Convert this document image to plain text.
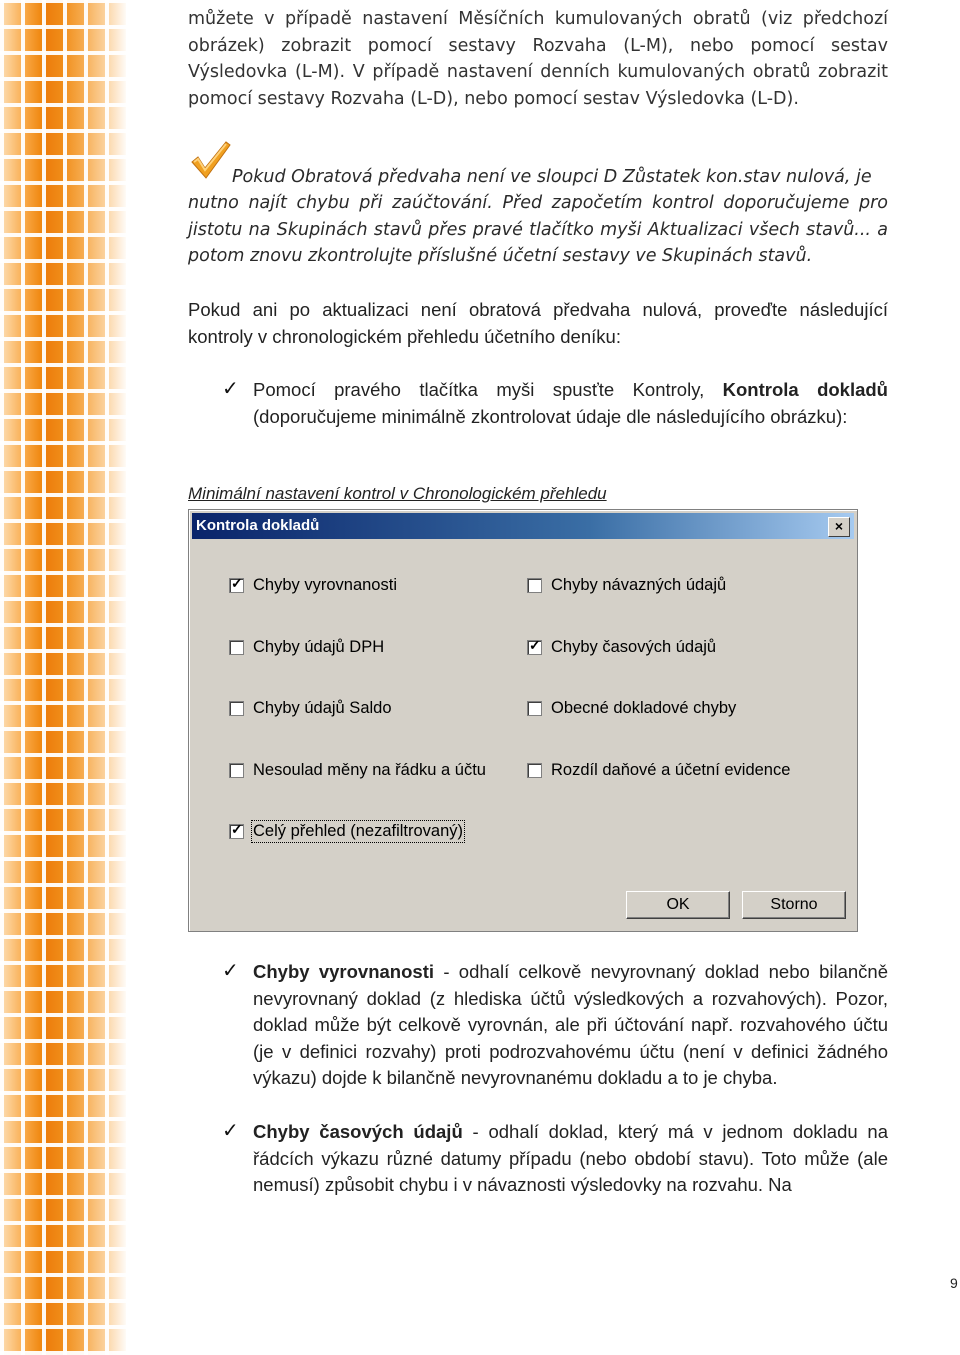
můžete v případě nastavení Měsíčních kumulovaných obratů (viz předchozí obrázek) zobrazit pomocí sestavy Rozvaha (L-M), nebo pomocí sestav Výsledovka (L-M). V případě nastavení denních kumulovaných obratů zobrazit pomocí sestavy Rozvaha (L-D), nebo pomocí sestav Výsledovka (L-D).
Pokud Obratová předvaha není ve sloupci D Zůstatek kon.stav nulová, je
nutno najít chybu při zaúčtování. Před započetím kontrol doporučujeme pro jistotu na Skupinách stavů přes pravé tlačítko myši Aktualizaci všech stavů... a potom znovu zkontrolujte příslušné účetní sestavy ve Skupinách stavů.
Pokud ani po aktualizaci není obratová předvaha nulová, proveďte následující kontroly v chronologickém přehledu účetního deníku:
✓ Pomocí pravého tlačítka myši spusťte Kontroly, Kontrola dokladů (doporučujeme minimálně zkontrolovat údaje dle následujícího obrázku):
Minimální nastavení kontrol v Chronologickém přehledu
Kontrola dokladů	×
✓ Chyby vyrovnanosti	Chyby návazných údajů
Chyby údajů DPH	✓ Chyby časových údajů
Chyby údajů Saldo	Obecné dokladové chyby
Nesoulad měny na řádku a účtu	Rozdíl daňové a účetní evidence
✓ Celý přehled (nezafiltrovaný)
OK	Storno
✓ Chyby vyrovnanosti - odhalí celkově nevyrovnaný doklad nebo bilančně nevyrovnaný doklad (z hlediska účtů výsledkových a rozvahových). Pozor, doklad může být celkově vyrovnán, ale při účtování např. rozvahového účtu (je v definici rozvahy) proti podrozvahovému účtu (není v definici žádného výkazu) dojde k bilančně nevyrovnanému dokladu a to je chyba.
✓ Chyby časových údajů - odhalí doklad, který má v jednom dokladu na řádcích výkazu různé datumy případu (nebo období stavu). Toto může (ale nemusí) způsobit chybu i v návaznosti výsledovky na rozvahu. Na
9
